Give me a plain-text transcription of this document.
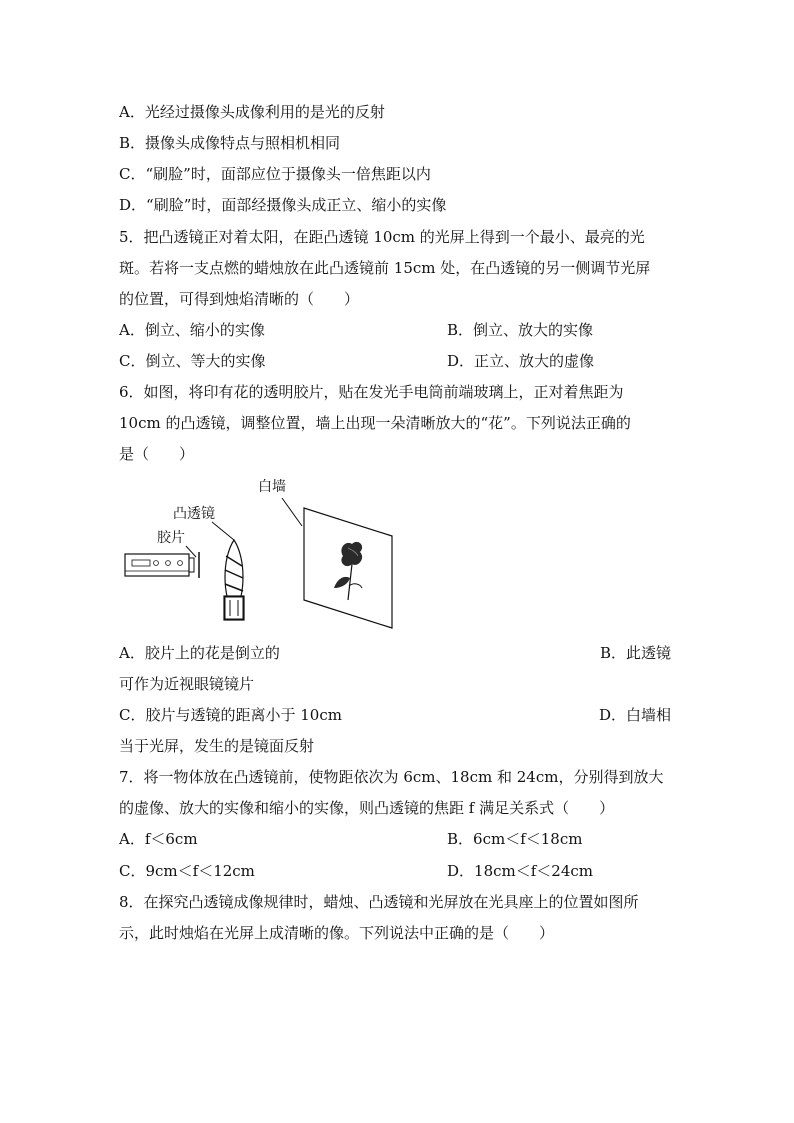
A．光经过摄像头成像利用的是光的反射
B．摄像头成像特点与照相机相同
C．“刷脸”时，面部应位于摄像头一倍焦距以内
D．“刷脸”时，面部经摄像头成正立、缩小的实像
5．把凸透镜正对着太阳，在距凸透镜 10cm 的光屏上得到一个最小、最亮的光
斑。若将一支点燃的蜡烛放在此凸透镜前 15cm 处，在凸透镜的另一侧调节光屏
的位置，可得到烛焰清晰的（　　）
A．倒立、缩小的实像	B．倒立、放大的实像
C．倒立、等大的实像	D．正立、放大的虚像
6．如图，将印有花的透明胶片，贴在发光手电筒前端玻璃上，正对着焦距为
10cm 的凸透镜，调整位置，墙上出现一朵清晰放大的“花”。下列说法正确的
是（　　）
白墙
凸透镜
胶片
A．胶片上的花是倒立的	B．此透镜
可作为近视眼镜镜片
C．胶片与透镜的距离小于 10cm	D．白墙相
当于光屏，发生的是镜面反射
7．将一物体放在凸透镜前，使物距依次为 6cm、18cm 和 24cm，分别得到放大
的虚像、放大的实像和缩小的实像，则凸透镜的焦距 f 满足关系式（　　）
A．f＜6cm	B．6cm＜f＜18cm
C．9cm＜f＜12cm	D．18cm＜f＜24cm
8．在探究凸透镜成像规律时，蜡烛、凸透镜和光屏放在光具座上的位置如图所
示，此时烛焰在光屏上成清晰的像。下列说法中正确的是（　　）
